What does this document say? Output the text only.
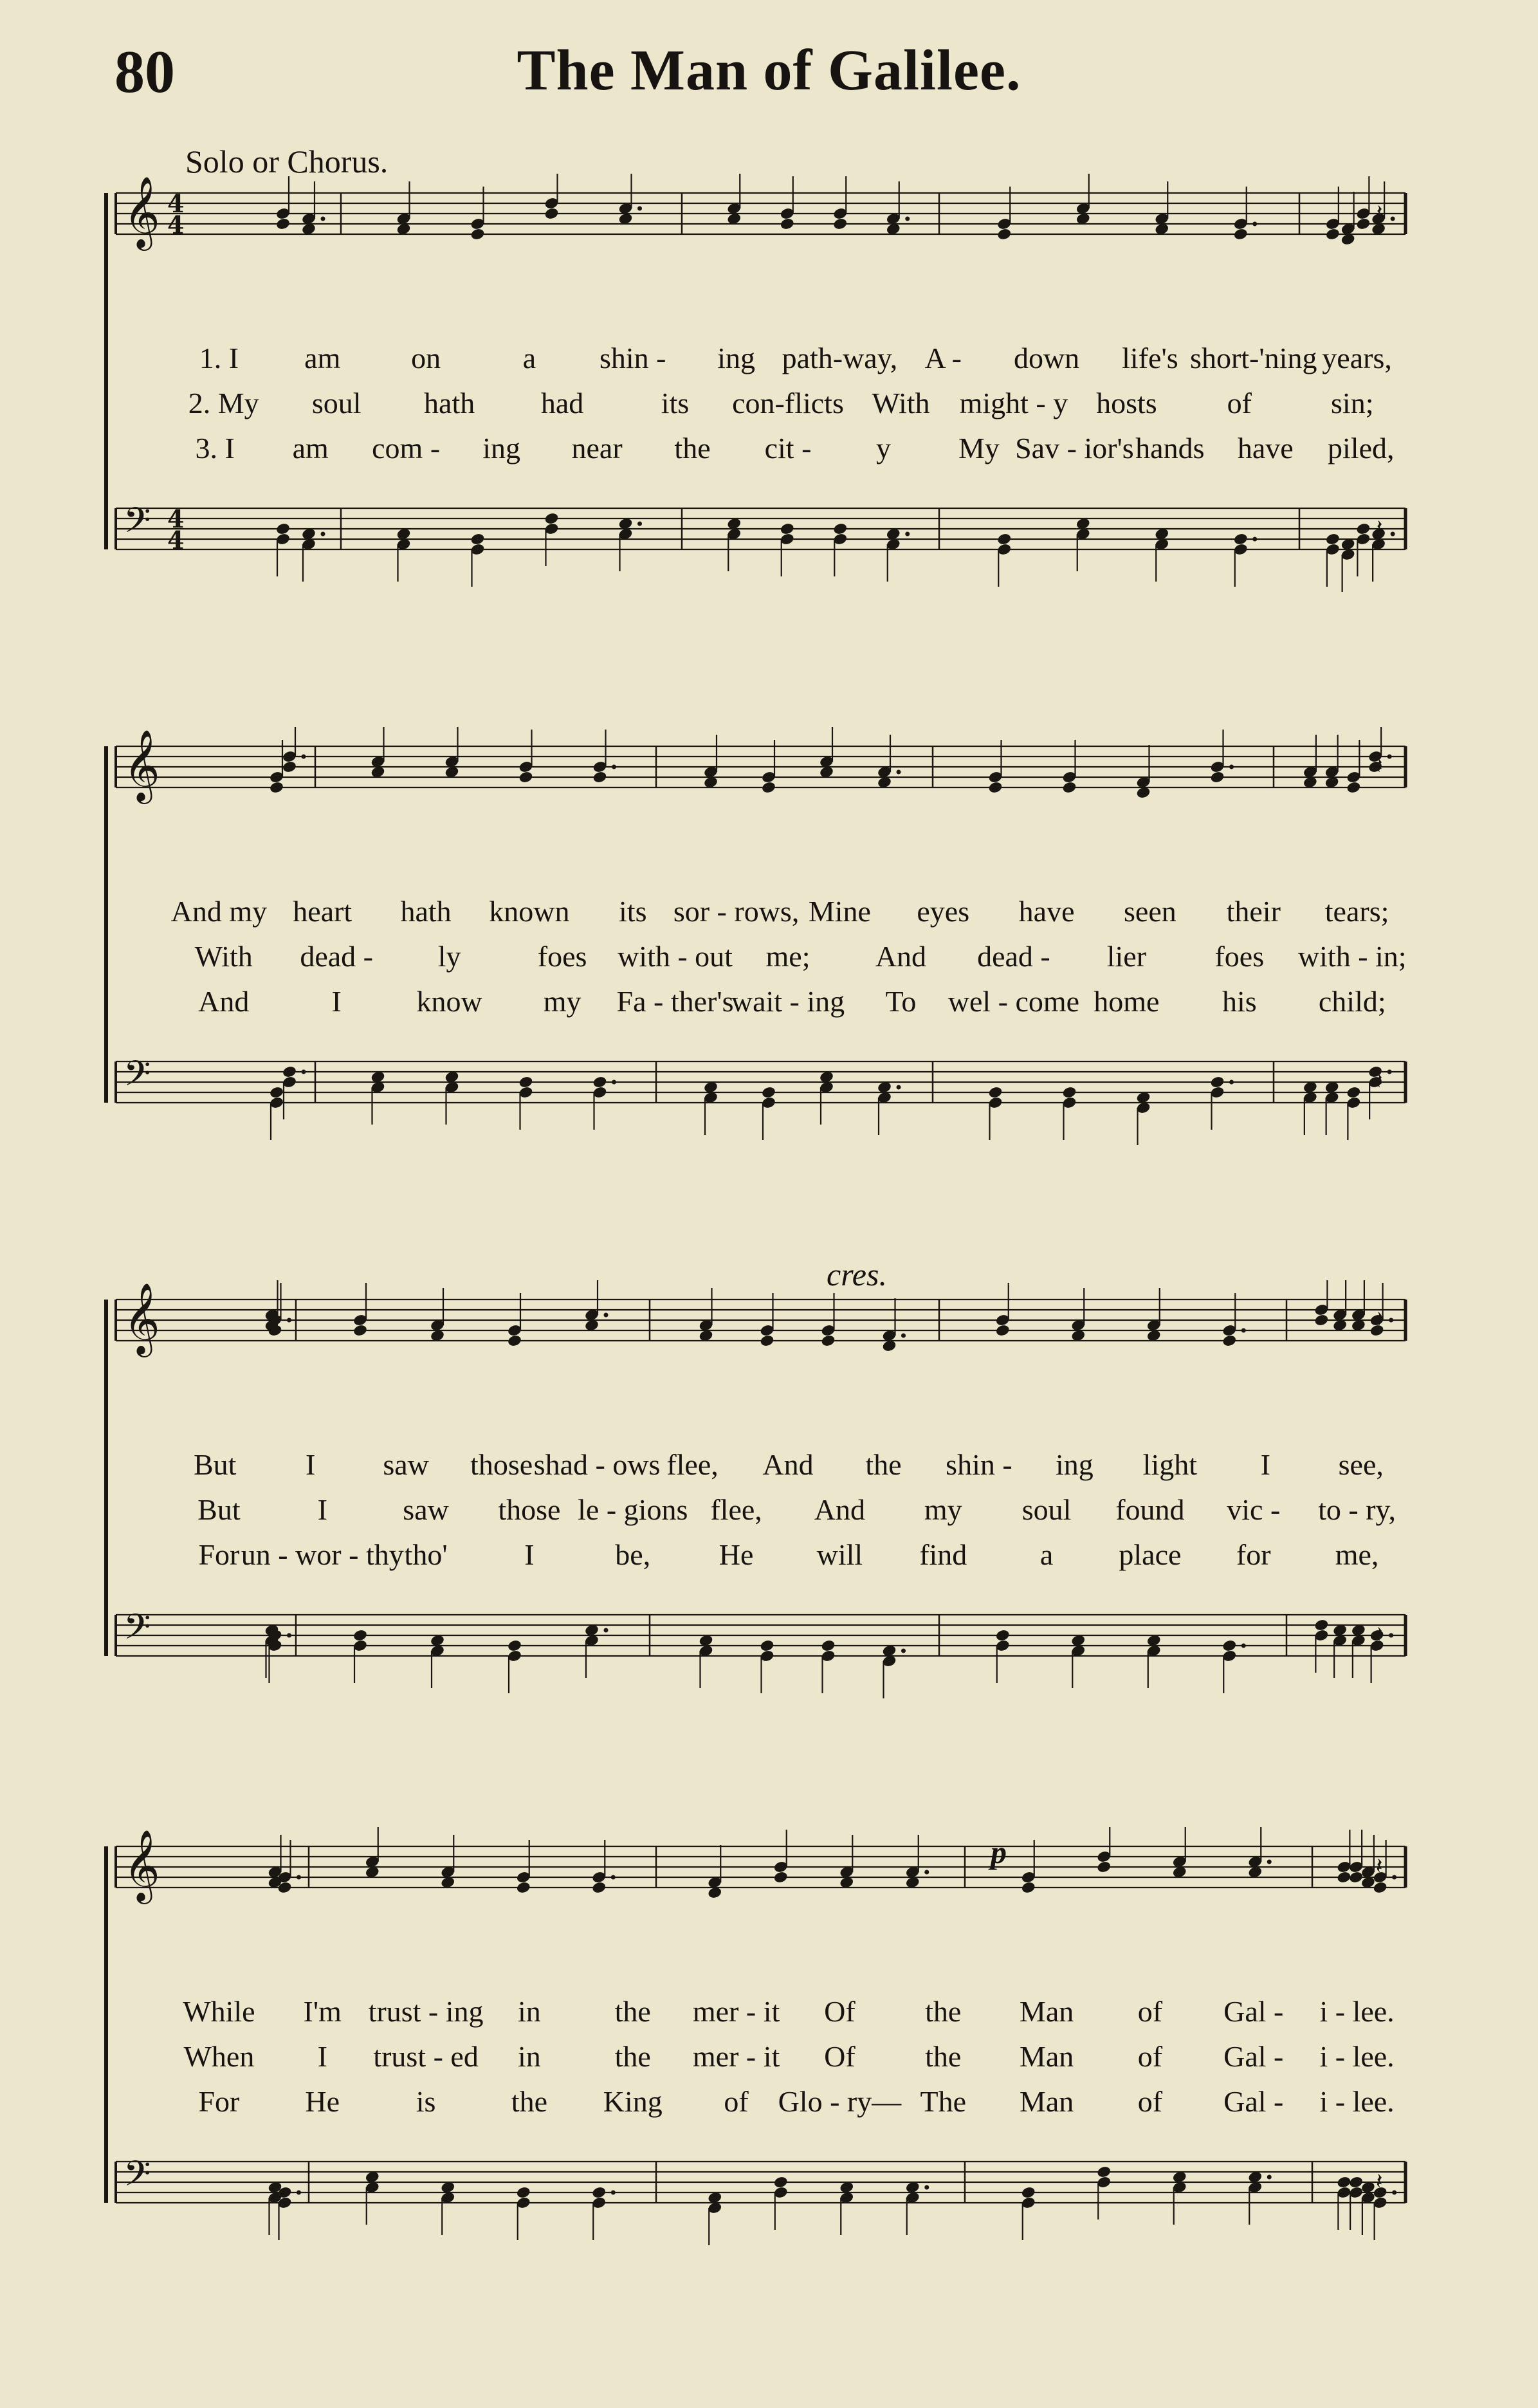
80	The Man of Galilee.
Solo or Chorus.
𝄞 4
4	𝄽
𝄢 4
4	𝄽
1. I am on	a shin - ing path-way, A - down life's short-'ning years,
2. My soul hath had	its con-flicts With might - y hosts of	sin;
3. I am com - ing near the cit - y My Sav - ior's hands have piled,
𝄞	𝄽
𝄢	𝄽
And my heart hath known its sor - rows, Mine eyes have seen their tears;
With dead - ly	foes with - out me; And dead - lier foes with - in;
And	I	know my Fa - ther's
wait - ing To wel - come home his child;
𝄞	𝄽
𝄢	𝄽
cres.
But I saw those shad - ows flee, And the shin - ing light I see,
But	I	saw those le - gions flee, And my soul found vic - to - ry,
For un - wor - thy tho'	I	be, He will find a place for me,
𝄞	𝄽
𝄢	𝄽
p
While I'm trust - ing in the mer - it Of the Man of Gal - i - lee.
When I trust - ed in the mer - it Of the Man of Gal - i - lee.
For He	is	the King of Glo - ry— The Man of Gal - i - lee.
